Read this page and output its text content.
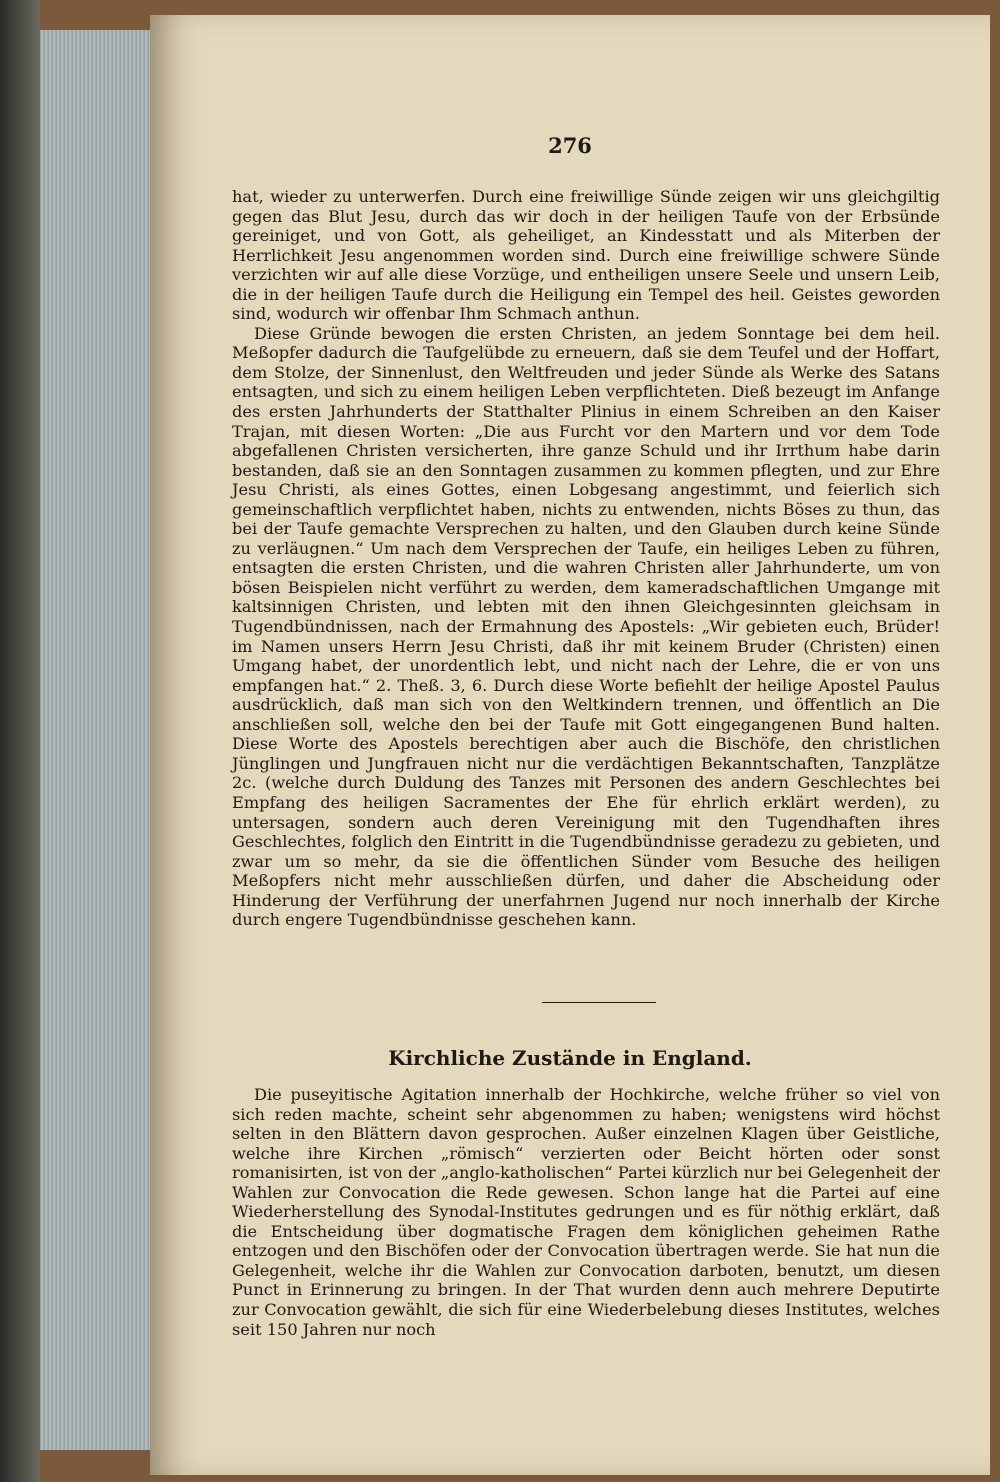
276

hat, wieder zu unterwerfen. Durch eine freiwillige Sünde zeigen wir uns gleichgiltig gegen das Blut Jesu, durch das wir doch in der heiligen Taufe von der Erbsünde gereiniget, und von Gott, als geheiliget, an Kindesstatt und als Miterben der Herrlichkeit Jesu angenommen worden sind. Durch eine freiwillige schwere Sünde verzichten wir auf alle diese Vorzüge, und entheiligen unsere Seele und unsern Leib, die in der heiligen Taufe durch die Heiligung ein Tempel des heil. Geistes geworden sind, wodurch wir offenbar Ihm Schmach anthun.

Diese Gründe bewogen die ersten Christen, an jedem Sonntage bei dem heil. Meßopfer dadurch die Taufgelübde zu erneuern, daß sie dem Teufel und der Hoffart, dem Stolze, der Sinnenlust, den Weltfreuden und jeder Sünde als Werke des Satans entsagten, und sich zu einem heiligen Leben verpflichteten. Dieß bezeugt im Anfange des ersten Jahrhunderts der Statthalter Plinius in einem Schreiben an den Kaiser Trajan, mit diesen Worten: „Die aus Furcht vor den Martern und vor dem Tode abgefallenen Christen versicherten, ihre ganze Schuld und ihr Irrthum habe darin bestanden, daß sie an den Sonntagen zusammen zu kommen pflegten, und zur Ehre Jesu Christi, als eines Gottes, einen Lobgesang angestimmt, und feierlich sich gemeinschaftlich verpflichtet haben, nichts zu entwenden, nichts Böses zu thun, das bei der Taufe gemachte Versprechen zu halten, und den Glauben durch keine Sünde zu verläugnen.“ Um nach dem Versprechen der Taufe, ein heiliges Leben zu führen, entsagten die ersten Christen, und die wahren Christen aller Jahrhunderte, um von bösen Beispielen nicht verführt zu werden, dem kameradschaftlichen Umgange mit kaltsinnigen Christen, und lebten mit den ihnen Gleichgesinnten gleichsam in Tugendbündnissen, nach der Ermahnung des Apostels: „Wir gebieten euch, Brüder! im Namen unsers Herrn Jesu Christi, daß ihr mit keinem Bruder (Christen) einen Umgang habet, der unordentlich lebt, und nicht nach der Lehre, die er von uns empfangen hat.“ 2. Theß. 3, 6. Durch diese Worte befiehlt der heilige Apostel Paulus ausdrücklich, daß man sich von den Weltkindern trennen, und öffentlich an Die anschließen soll, welche den bei der Taufe mit Gott eingegangenen Bund halten. Diese Worte des Apostels berechtigen aber auch die Bischöfe, den christlichen Jünglingen und Jungfrauen nicht nur die verdächtigen Bekanntschaften, Tanzplätze 2c. (welche durch Duldung des Tanzes mit Personen des andern Geschlechtes bei Empfang des heiligen Sacramentes der Ehe für ehrlich erklärt werden), zu untersagen, sondern auch deren Vereinigung mit den Tugendhaften ihres Geschlechtes, folglich den Eintritt in die Tugendbündnisse geradezu zu gebieten, und zwar um so mehr, da sie die öffentlichen Sünder vom Besuche des heiligen Meßopfers nicht mehr ausschließen dürfen, und daher die Abscheidung oder Hinderung der Verführung der unerfahrnen Jugend nur noch innerhalb der Kirche durch engere Tugendbündnisse geschehen kann.

Kirchliche Zustände in England.

Die puseyitische Agitation innerhalb der Hochkirche, welche früher so viel von sich reden machte, scheint sehr abgenommen zu haben; wenigstens wird höchst selten in den Blättern davon gesprochen. Außer einzelnen Klagen über Geistliche, welche ihre Kirchen „römisch“ verzierten oder Beicht hörten oder sonst romanisirten, ist von der „anglo-katholischen“ Partei kürzlich nur bei Gelegenheit der Wahlen zur Convocation die Rede gewesen. Schon lange hat die Partei auf eine Wiederherstellung des Synodal-Institutes gedrungen und es für nöthig erklärt, daß die Entscheidung über dogmatische Fragen dem königlichen geheimen Rathe entzogen und den Bischöfen oder der Convocation übertragen werde. Sie hat nun die Gelegenheit, welche ihr die Wahlen zur Convocation darboten, benutzt, um diesen Punct in Erinnerung zu bringen. In der That wurden denn auch mehrere Deputirte zur Convocation gewählt, die sich für eine Wiederbelebung dieses Institutes, welches seit 150 Jahren nur noch
